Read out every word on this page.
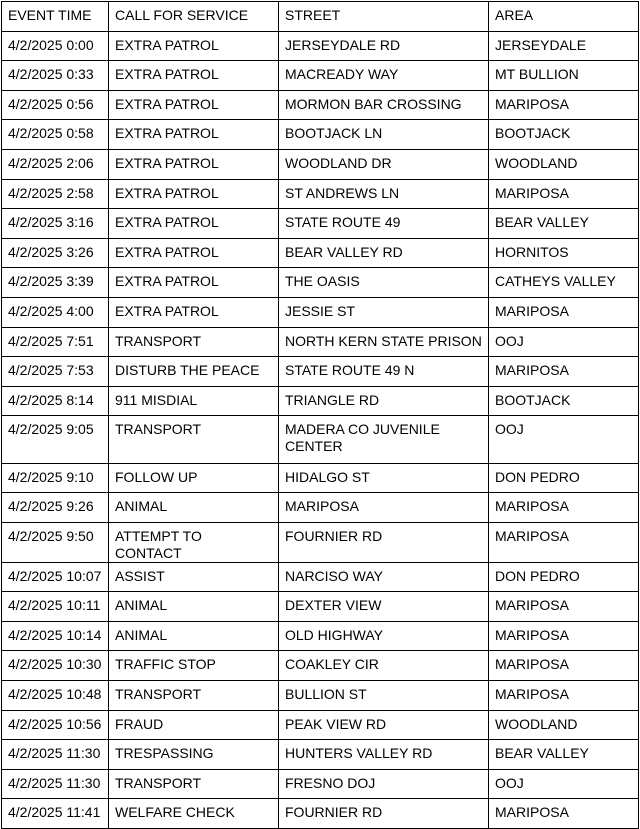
EVENT TIME	CALL FOR SERVICE	STREET	AREA
4/2/2025 0:00	EXTRA PATROL	JERSEYDALE RD	JERSEYDALE
4/2/2025 0:33	EXTRA PATROL	MACREADY WAY	MT BULLION
4/2/2025 0:56	EXTRA PATROL	MORMON BAR CROSSING	MARIPOSA
4/2/2025 0:58	EXTRA PATROL	BOOTJACK LN	BOOTJACK
4/2/2025 2:06	EXTRA PATROL	WOODLAND DR	WOODLAND
4/2/2025 2:58	EXTRA PATROL	ST ANDREWS LN	MARIPOSA
4/2/2025 3:16	EXTRA PATROL	STATE ROUTE 49	BEAR VALLEY
4/2/2025 3:26	EXTRA PATROL	BEAR VALLEY RD	HORNITOS
4/2/2025 3:39	EXTRA PATROL	THE OASIS	CATHEYS VALLEY
4/2/2025 4:00	EXTRA PATROL	JESSIE ST	MARIPOSA
4/2/2025 7:51	TRANSPORT	NORTH KERN STATE PRISON	OOJ
4/2/2025 7:53	DISTURB THE PEACE	STATE ROUTE 49 N	MARIPOSA
4/2/2025 8:14	911 MISDIAL	TRIANGLE RD	BOOTJACK
4/2/2025 9:05	TRANSPORT	MADERA CO JUVENILE CENTER	OOJ
4/2/2025 9:10	FOLLOW UP	HIDALGO ST	DON PEDRO
4/2/2025 9:26	ANIMAL	MARIPOSA	MARIPOSA
4/2/2025 9:50	ATTEMPT TO CONTACT	FOURNIER RD	MARIPOSA
4/2/2025 10:07	ASSIST	NARCISO WAY	DON PEDRO
4/2/2025 10:11	ANIMAL	DEXTER VIEW	MARIPOSA
4/2/2025 10:14	ANIMAL	OLD HIGHWAY	MARIPOSA
4/2/2025 10:30	TRAFFIC STOP	COAKLEY CIR	MARIPOSA
4/2/2025 10:48	TRANSPORT	BULLION ST	MARIPOSA
4/2/2025 10:56	FRAUD	PEAK VIEW RD	WOODLAND
4/2/2025 11:30	TRESPASSING	HUNTERS VALLEY RD	BEAR VALLEY
4/2/2025 11:30	TRANSPORT	FRESNO DOJ	OOJ
4/2/2025 11:41	WELFARE CHECK	FOURNIER RD	MARIPOSA
